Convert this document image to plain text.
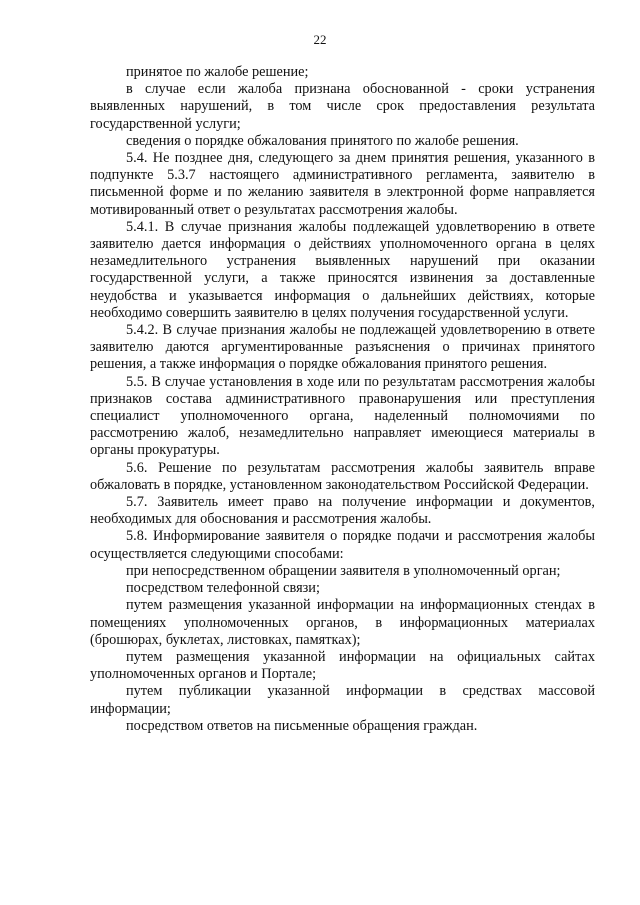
22

принятое по жалобе решение;

в случае если жалоба признана обоснованной - сроки устранения выявленных нарушений, в том числе срок предоставления результата государственной услуги;

сведения о порядке обжалования принятого по жалобе решения.

5.4. Не позднее дня, следующего за днем принятия решения, указанного в подпункте 5.3.7 настоящего административного регламента, заявителю в письменной форме и по желанию заявителя в электронной форме направляется мотивированный ответ о результатах рассмотрения жалобы.

5.4.1. В случае признания жалобы подлежащей удовлетворению в ответе заявителю дается информация о действиях уполномоченного органа в целях незамедлительного устранения выявленных нарушений при оказании государственной услуги, а также приносятся извинения за доставленные неудобства и указывается информация о дальнейших действиях, которые необходимо совершить заявителю в целях получения государственной услуги.

5.4.2. В случае признания жалобы не подлежащей удовлетворению в ответе заявителю даются аргументированные разъяснения о причинах принятого решения, а также информация о порядке обжалования принятого решения.

5.5. В случае установления в ходе или по результатам рассмотрения жалобы признаков состава административного правонарушения или преступления специалист уполномоченного органа, наделенный полномочиями по рассмотрению жалоб, незамедлительно направляет имеющиеся материалы в органы прокуратуры.

5.6. Решение по результатам рассмотрения жалобы заявитель вправе обжаловать в порядке, установленном законодательством Российской Федерации.

5.7. Заявитель имеет право на получение информации и документов, необходимых для обоснования и рассмотрения жалобы.

5.8. Информирование заявителя о порядке подачи и рассмотрения жалобы осуществляется следующими способами:

при непосредственном обращении заявителя в уполномоченный орган;

посредством телефонной связи;

путем размещения указанной информации на информационных стендах в помещениях уполномоченных органов, в информационных материалах (брошюрах, буклетах, листовках, памятках);

путем размещения указанной информации на официальных сайтах уполномоченных органов и Портале;

путем публикации указанной информации в средствах массовой информации;

посредством ответов на письменные обращения граждан.
